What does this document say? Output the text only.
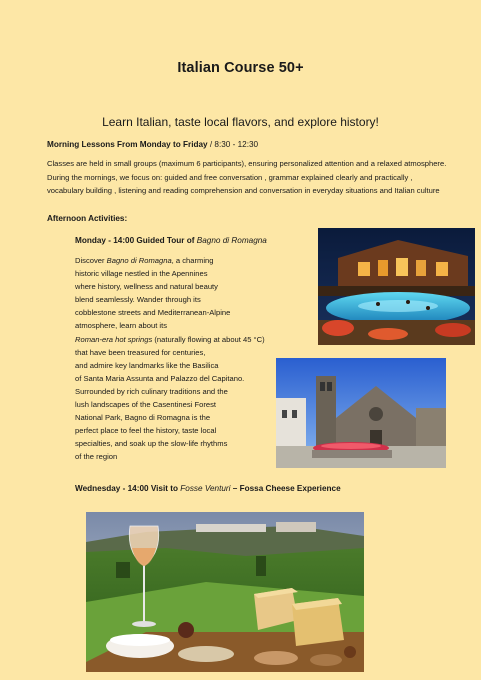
Italian Course 50+
Learn Italian, taste local flavors, and explore history!
Morning Lessons From Monday to Friday / 8:30 - 12:30
Classes are held in small groups (maximum 6 participants), ensuring personalized attention and a relaxed atmosphere. During the mornings, we focus on: guided and free conversation , grammar explained clearly and practically , vocabulary building , listening and reading comprehension and conversation in everyday situations and Italian culture
Afternoon Activities:
Monday - 14:00 Guided Tour of Bagno di Romagna
Discover Bagno di Romagna, a charming
historic village nestled in the Apennines
where history, wellness and natural beauty
blend seamlessly. Wander through its
cobblestone streets and Mediterranean-Alpine
atmosphere, learn about its
Roman-era hot springs (naturally flowing at about 45 °C)
that have been treasured for centuries,
and admire key landmarks like the Basilica
of Santa Maria Assunta and Palazzo del Capitano.
Surrounded by rich culinary traditions and the
lush landscapes of the Casentinesi Forest
National Park, Bagno di Romagna is the
perfect place to feel the history, taste local
specialties, and soak up the slow-life rhythms
of the region
Wednesday - 14:00 Visit to Fosse Venturi – Fossa Cheese Experience
